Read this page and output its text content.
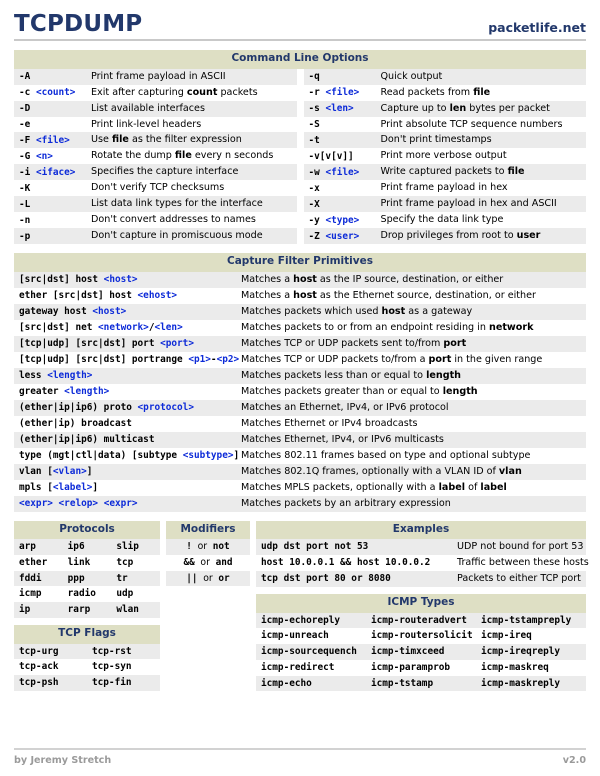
TCPDUMP	packetlife.net
Command Line Options
-A	Print frame payload in ASCII
-c <count>	Exit after capturing count packets
-D	List available interfaces
-e	Print link-level headers
-F <file>	Use file as the filter expression
-G <n>	Rotate the dump file every n seconds
-i <iface>	Specifies the capture interface
-K	Don't verify TCP checksums
-L	List data link types for the interface
-n	Don't convert addresses to names
-p	Don't capture in promiscuous mode
-q	Quick output
-r <file>	Read packets from file
-s <len>	Capture up to len bytes per packet
-S	Print absolute TCP sequence numbers
-t	Don't print timestamps
-v[v[v]]	Print more verbose output
-w <file>	Write captured packets to file
-x	Print frame payload in hex
-X	Print frame payload in hex and ASCII
-y <type>	Specify the data link type
-Z <user>	Drop privileges from root to user
Capture Filter Primitives
[src|dst] host <host>	Matches a host as the IP source, destination, or either
ether [src|dst] host <ehost>	Matches a host as the Ethernet source, destination, or either
gateway host <host>	Matches packets which used host as a gateway
[src|dst] net <network>/<len>	Matches packets to or from an endpoint residing in network
[tcp|udp] [src|dst] port <port>	Matches TCP or UDP packets sent to/from port
[tcp|udp] [src|dst] portrange <p1>-<p2>	Matches TCP or UDP packets to/from a port in the given range
less <length>	Matches packets less than or equal to length
greater <length>	Matches packets greater than or equal to length
(ether|ip|ip6) proto <protocol>	Matches an Ethernet, IPv4, or IPv6 protocol
(ether|ip) broadcast	Matches Ethernet or IPv4 broadcasts
(ether|ip|ip6) multicast	Matches Ethernet, IPv4, or IPv6 multicasts
type (mgt|ctl|data) [subtype <subtype>]	Matches 802.11 frames based on type and optional subtype
vlan [<vlan>]	Matches 802.1Q frames, optionally with a VLAN ID of vlan
mpls [<label>]	Matches MPLS packets, optionally with a label of label
<expr> <relop> <expr>	Matches packets by an arbitrary expression
Protocols
arp	ip6	slip
ether	link	tcp
fddi	ppp	tr
icmp	radio	udp
ip	rarp	wlan
TCP Flags
tcp-urg	tcp-rst
tcp-ack	tcp-syn
tcp-psh	tcp-fin
Modifiers
! or not
&& or and
|| or or
Examples
udp dst port not 53	UDP not bound for port 53
host 10.0.0.1 && host 10.0.0.2	Traffic between these hosts
tcp dst port 80 or 8080	Packets to either TCP port
ICMP Types
icmp-echoreply	icmp-routeradvert	icmp-tstampreply
icmp-unreach	icmp-routersolicit	icmp-ireq
icmp-sourcequench	icmp-timxceed	icmp-ireqreply
icmp-redirect	icmp-paramprob	icmp-maskreq
icmp-echo	icmp-tstamp	icmp-maskreply
by Jeremy Stretch	v2.0
